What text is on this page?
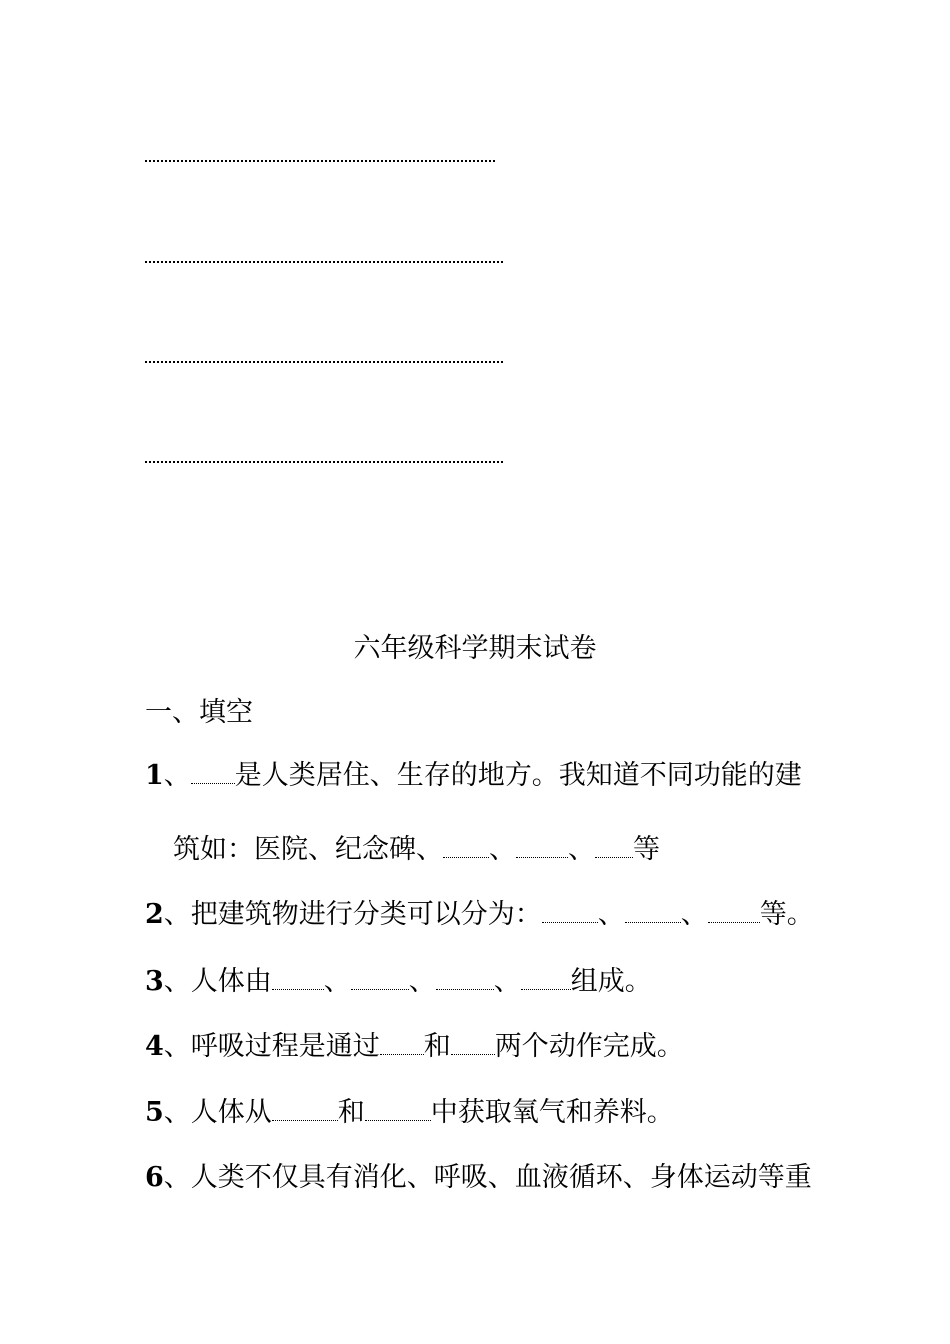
六年级科学期末试卷
一、填空
1、 是人类居住、生存的地方。我知道不同功能的建
筑如：医院、纪念碑、 、 、 等
2、把建筑物进行分类可以分为： 、 、 等。
3、人体由 、 、 、 组成。
4、呼吸过程是通过 和 两个动作完成。
5、人体从 和 中获取氧气和养料。
6、人类不仅具有消化、呼吸、血液循环、身体运动等重
